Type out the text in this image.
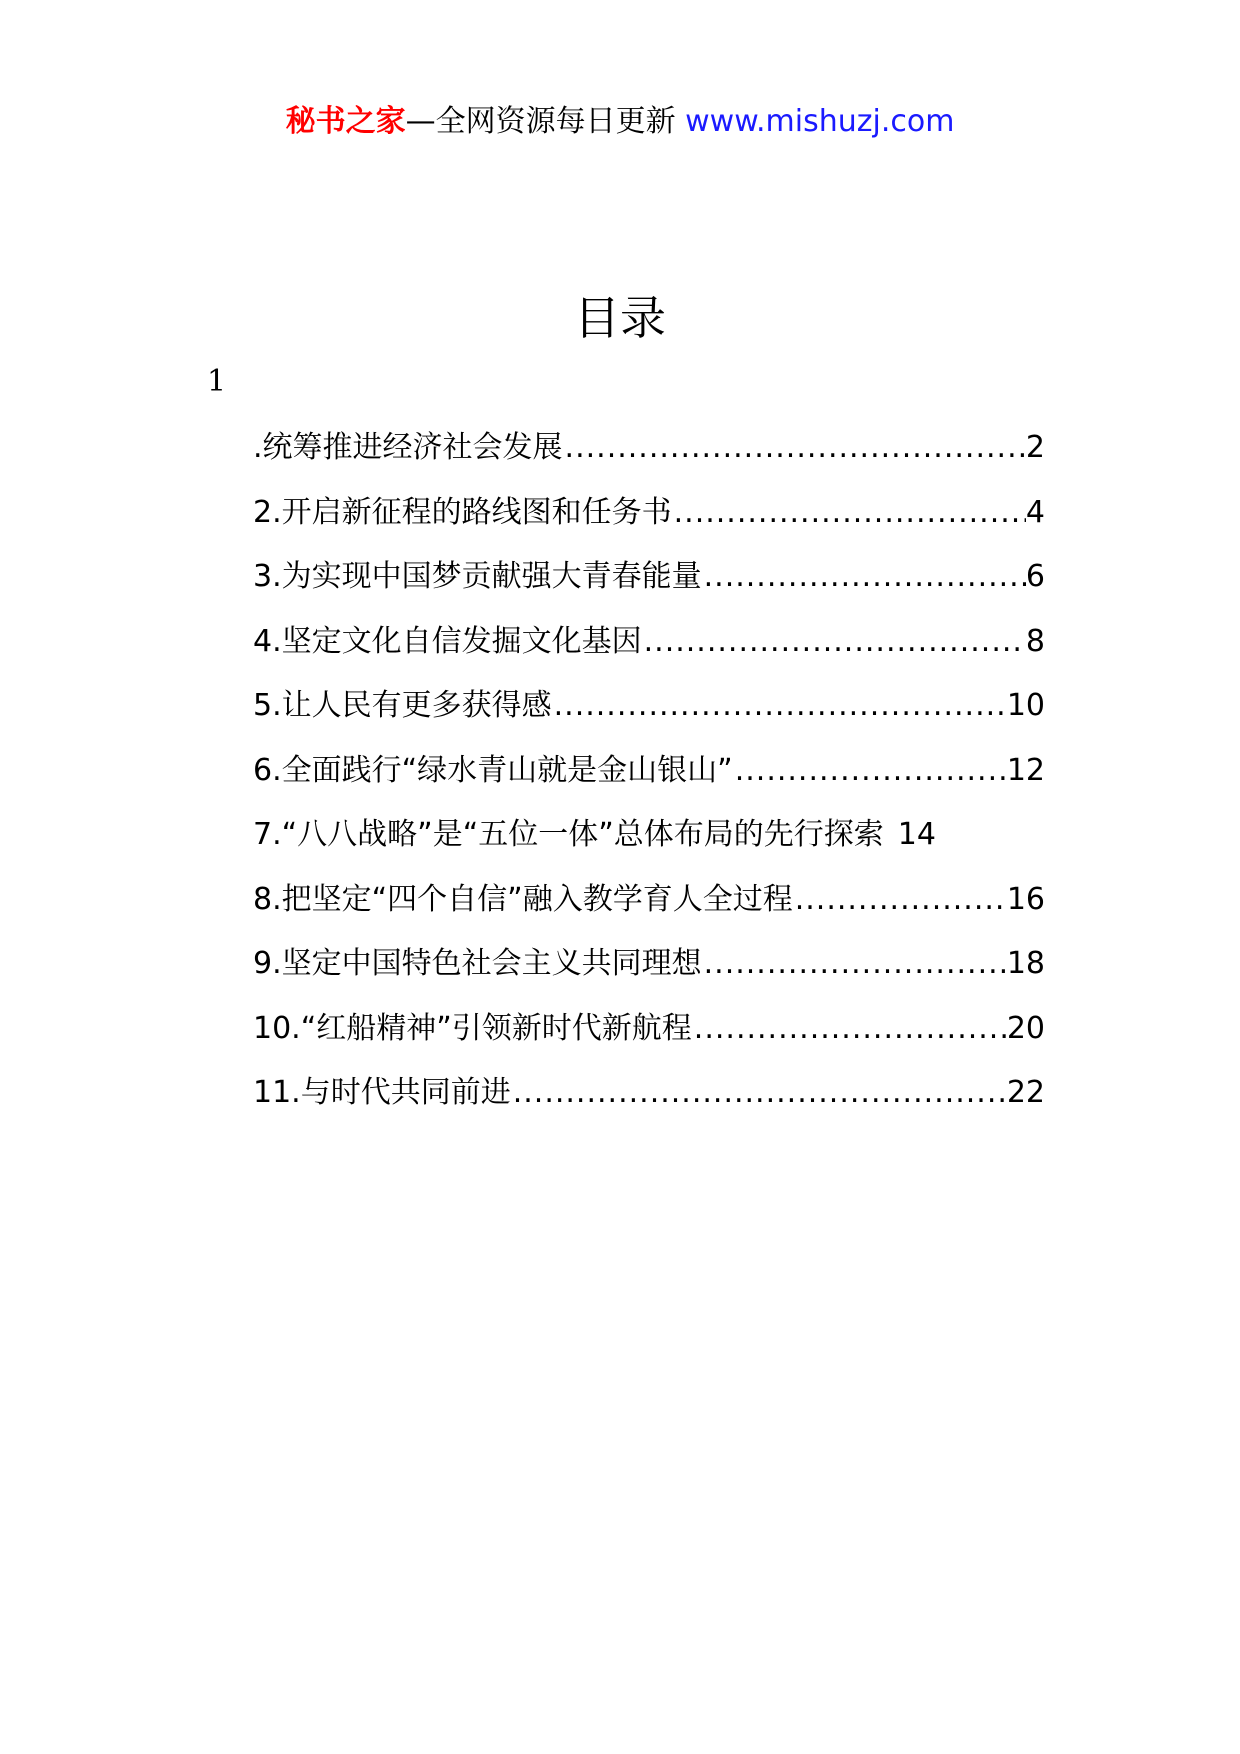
秘书之家—全网资源每日更新 www.mishuzj.com
目录
1
.统筹推进经济社会发展 .....	2
2.开启新征程的路线图和任务书 .....	4
3.为实现中国梦贡献强大青春能量 .....	6
4.坚定文化自信发掘文化基因 .....	8
5.让人民有更多获得感 .....	10
6.全面践行“绿水青山就是金山银山” .....	12
7.“八八战略”是“五位一体”总体布局的先行探索 14
8.把坚定“四个自信”融入教学育人全过程 .....	16
9.坚定中国特色社会主义共同理想 .....	18
10.“红船精神”引领新时代新航程 .....	20
11.与时代共同前进 .....	22
